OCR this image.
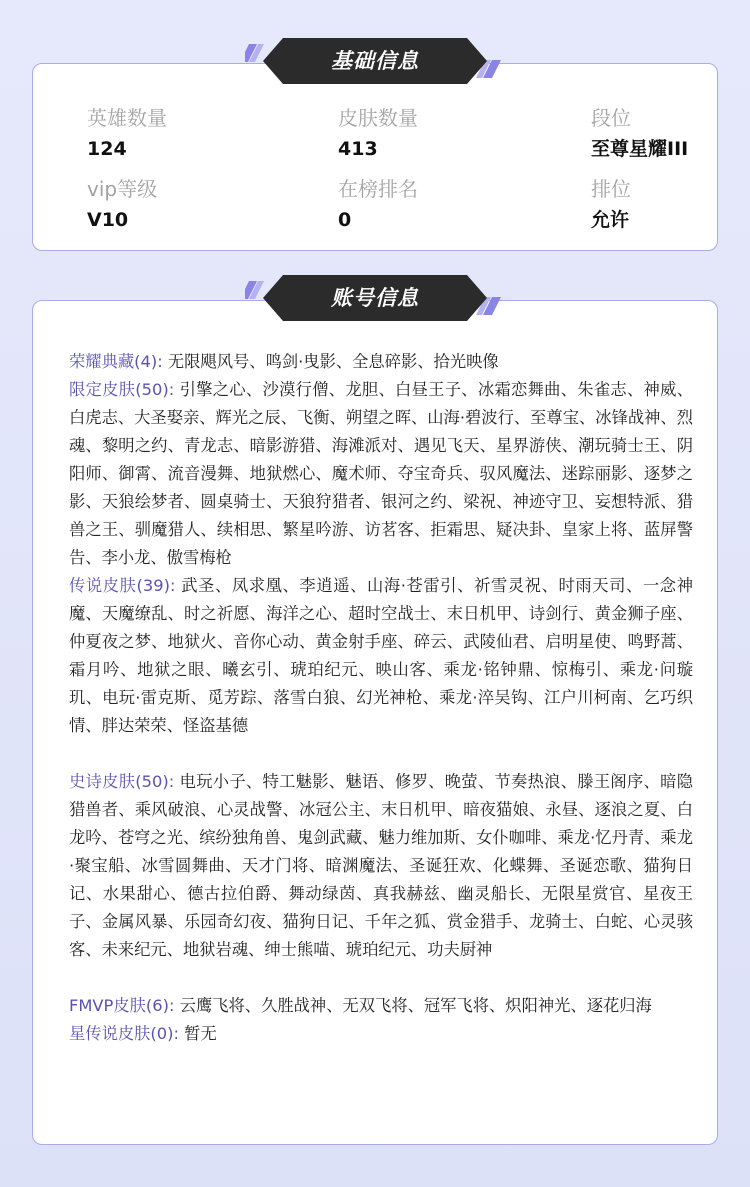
英雄数量
124
皮肤数量
413
段位
至尊星耀III
vip等级
V10
在榜排名
0
排位
允许
基础信息
荣耀典藏(4): 无限飓风号、鸣剑·曳影、全息碎影、拾光映像
限定皮肤(50): 引擎之心、沙漠行僧、龙胆、白昼王子、冰霜恋舞曲、朱雀志、神威、白虎志、大圣娶亲、辉光之辰、飞衡、朔望之晖、山海·碧波行、至尊宝、冰锋战神、烈魂、黎明之约、青龙志、暗影游猎、海滩派对、遇见飞天、星界游侠、潮玩骑士王、阴阳师、御霄、流音漫舞、地狱燃心、魔术师、夺宝奇兵、驭风魔法、迷踪丽影、逐梦之影、天狼绘梦者、圆桌骑士、天狼狩猎者、银河之约、梁祝、神迹守卫、妄想特派、猎兽之王、驯魔猎人、续相思、繁星吟游、访茗客、拒霜思、疑决卦、皇家上将、蓝屏警告、李小龙、傲雪梅枪
传说皮肤(39): 武圣、凤求凰、李逍遥、山海·苍雷引、祈雪灵祝、时雨天司、一念神魔、天魔缭乱、时之祈愿、海洋之心、超时空战士、末日机甲、诗剑行、黄金狮子座、仲夏夜之梦、地狱火、音你心动、黄金射手座、碎云、武陵仙君、启明星使、鸣野蒿、霜月吟、地狱之眼、曦玄引、琥珀纪元、映山客、乘龙·铭钟鼎、惊梅引、乘龙·问璇玑、电玩·雷克斯、觅芳踪、落雪白狼、幻光神枪、乘龙·淬吴钩、江户川柯南、乞巧织情、胖达荣荣、怪盗基德
史诗皮肤(50): 电玩小子、特工魅影、魅语、修罗、晚萤、节奏热浪、滕王阁序、暗隐猎兽者、乘风破浪、心灵战警、冰冠公主、末日机甲、暗夜猫娘、永昼、逐浪之夏、白龙吟、苍穹之光、缤纷独角兽、鬼剑武藏、魅力维加斯、女仆咖啡、乘龙·忆丹青、乘龙·聚宝船、冰雪圆舞曲、天才门将、暗渊魔法、圣诞狂欢、化蝶舞、圣诞恋歌、猫狗日记、水果甜心、德古拉伯爵、舞动绿茵、真我赫兹、幽灵船长、无限星赏官、星夜王子、金属风暴、乐园奇幻夜、猫狗日记、千年之狐、赏金猎手、龙骑士、白蛇、心灵骇客、未来纪元、地狱岩魂、绅士熊喵、琥珀纪元、功夫厨神
FMVP皮肤(6): 云鹰飞将、久胜战神、无双飞将、冠军飞将、炽阳神光、逐花归海
星传说皮肤(0): 暂无
账号信息
